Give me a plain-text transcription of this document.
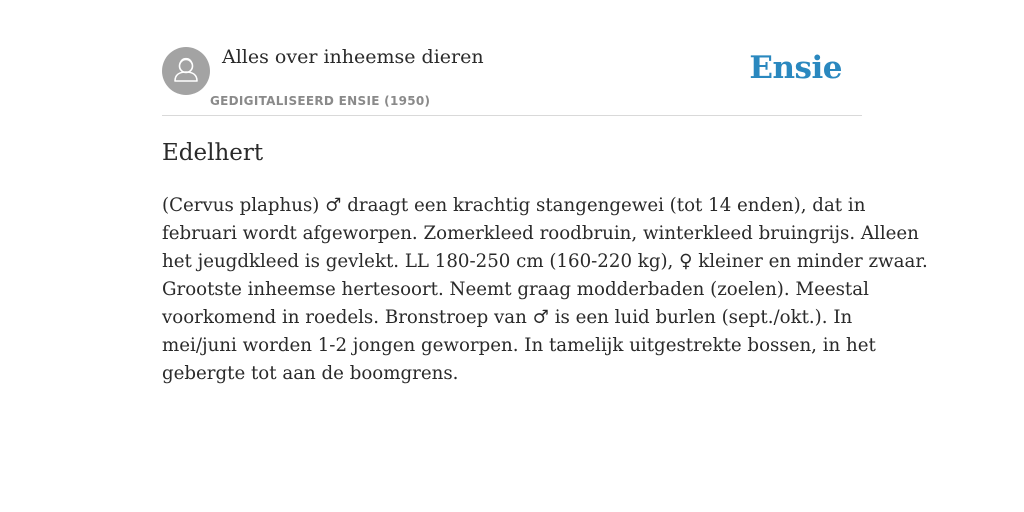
Alles over inheemse dieren
GEDIGITALISEERD ENSIE (1950)
Ensie
Edelhert

(Cervus plaphus) ♂ draagt een krachtig stangengewei (tot 14 enden), dat in
februari wordt afgeworpen. Zomerkleed roodbruin, winterkleed bruingrijs. Alleen
het jeugdkleed is gevlekt. LL 180-250 cm (160-220 kg), ♀ kleiner en minder zwaar.
Grootste inheemse hertesoort. Neemt graag modderbaden (zoelen). Meestal
voorkomend in roedels. Bronstroep van ♂ is een luid burlen (sept./okt.). In
mei/juni worden 1-2 jongen geworpen. In tamelijk uitgestrekte bossen, in het
gebergte tot aan de boomgrens.
